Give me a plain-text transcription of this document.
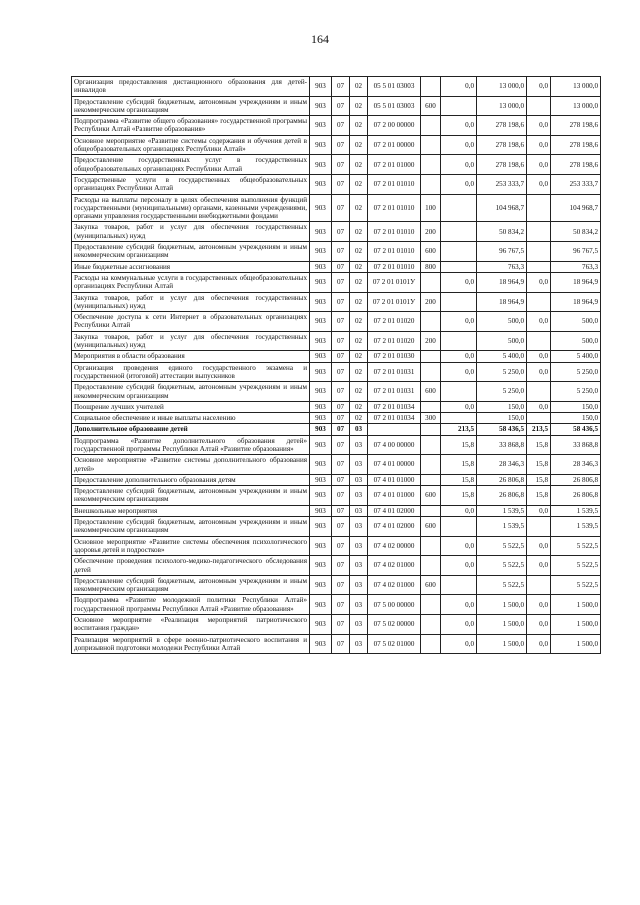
164
Организация предоставления дистанционного образования для детей-инвалидов	903	07	02	05 5 01 03003		0,0	13 000,0	0,0	13 000,0
Предоставление субсидий бюджетным, автономным учреждениям и иным некоммерческим организациям	903	07	02	05 5 01 03003	600		13 000,0		13 000,0
Подпрограмма «Развитие общего образования» государственной программы Республики Алтай «Развитие образования»	903	07	02	07 2 00 00000		0,0	278 198,6	0,0	278 198,6
Основное мероприятие «Развитие системы содержания и обучения детей в общеобразовательных организациях Республики Алтай»	903	07	02	07 2 01 00000		0,0	278 198,6	0,0	278 198,6
Предоставление государственных услуг в государственных общеобразовательных организациях Республики Алтай	903	07	02	07 2 01 01000		0,0	278 198,6	0,0	278 198,6
Государственные услуги в государственных общеобразовательных организациях Республики Алтай	903	07	02	07 2 01 01010		0,0	253 333,7	0,0	253 333,7
Расходы на выплаты персоналу в целях обеспечения выполнения функций государственными (муниципальными) органами, казенными учреждениями, органами управления государственными внебюджетными фондами	903	07	02	07 2 01 01010	100		104 968,7		104 968,7
Закупка товаров, работ и услуг для обеспечения государственных (муниципальных) нужд	903	07	02	07 2 01 01010	200		50 834,2		50 834,2
Предоставление субсидий бюджетным, автономным учреждениям и иным некоммерческим организациям	903	07	02	07 2 01 01010	600		96 767,5		96 767,5
Иные бюджетные ассигнования	903	07	02	07 2 01 01010	800		763,3		763,3
Расходы на коммунальные услуги в государственных общеобразовательных организациях Республики Алтай	903	07	02	07 2 01 0101У		0,0	18 964,9	0,0	18 964,9
Закупка товаров, работ и услуг для обеспечения государственных (муниципальных) нужд	903	07	02	07 2 01 0101У	200		18 964,9		18 964,9
Обеспечение доступа к сети Интернет в образовательных организациях Республики Алтай	903	07	02	07 2 01 01020		0,0	500,0	0,0	500,0
Закупка товаров, работ и услуг для обеспечения государственных (муниципальных) нужд	903	07	02	07 2 01 01020	200		500,0		500,0
Мероприятия в области образования	903	07	02	07 2 01 01030		0,0	5 400,0	0,0	5 400,0
Организация проведения единого государственного экзамена и государственной (итоговой) аттестации выпускников	903	07	02	07 2 01 01031		0,0	5 250,0	0,0	5 250,0
Предоставление субсидий бюджетным, автономным учреждениям и иным некоммерческим организациям	903	07	02	07 2 01 01031	600		5 250,0		5 250,0
Поощрение лучших учителей	903	07	02	07 2 01 01034		0,0	150,0	0,0	150,0
Социальное обеспечение и иные выплаты населению	903	07	02	07 2 01 01034	300		150,0		150,0
Дополнительное образование детей	903	07	03			213,5	58 436,5	213,5	58 436,5
Подпрограмма «Развитие дополнительного образования детей» государственной программы Республики Алтай «Развитие образования»	903	07	03	07 4 00 00000		15,8	33 868,8	15,8	33 868,8
Основное мероприятие «Развитие системы дополнительного образования детей»	903	07	03	07 4 01 00000		15,8	28 346,3	15,8	28 346,3
Предоставление дополнительного образования детям	903	07	03	07 4 01 01000		15,8	26 806,8	15,8	26 806,8
Предоставление субсидий бюджетным, автономным учреждениям и иным некоммерческим организациям	903	07	03	07 4 01 01000	600	15,8	26 806,8	15,8	26 806,8
Внешкольные мероприятия	903	07	03	07 4 01 02000		0,0	1 539,5	0,0	1 539,5
Предоставление субсидий бюджетным, автономным учреждениям и иным некоммерческим организациям	903	07	03	07 4 01 02000	600		1 539,5		1 539,5
Основное мероприятие «Развитие системы обеспечения психологического здоровья детей и подростков»	903	07	03	07 4 02 00000		0,0	5 522,5	0,0	5 522,5
Обеспечение проведения психолого-медико-педагогического обследования детей	903	07	03	07 4 02 01000		0,0	5 522,5	0,0	5 522,5
Предоставление субсидий бюджетным, автономным учреждениям и иным некоммерческим организациям	903	07	03	07 4 02 01000	600		5 522,5		5 522,5
Подпрограмма «Развитие молодежной политики Республики Алтай» государственной программы Республики Алтай «Развитие образования»	903	07	03	07 5 00 00000		0,0	1 500,0	0,0	1 500,0
Основное мероприятие «Реализация мероприятий патриотического воспитания граждан»	903	07	03	07 5 02 00000		0,0	1 500,0	0,0	1 500,0
Реализация мероприятий в сфере военно-патриотического воспитания и допризывной подготовки молодежи Республики Алтай	903	07	03	07 5 02 01000		0,0	1 500,0	0,0	1 500,0
